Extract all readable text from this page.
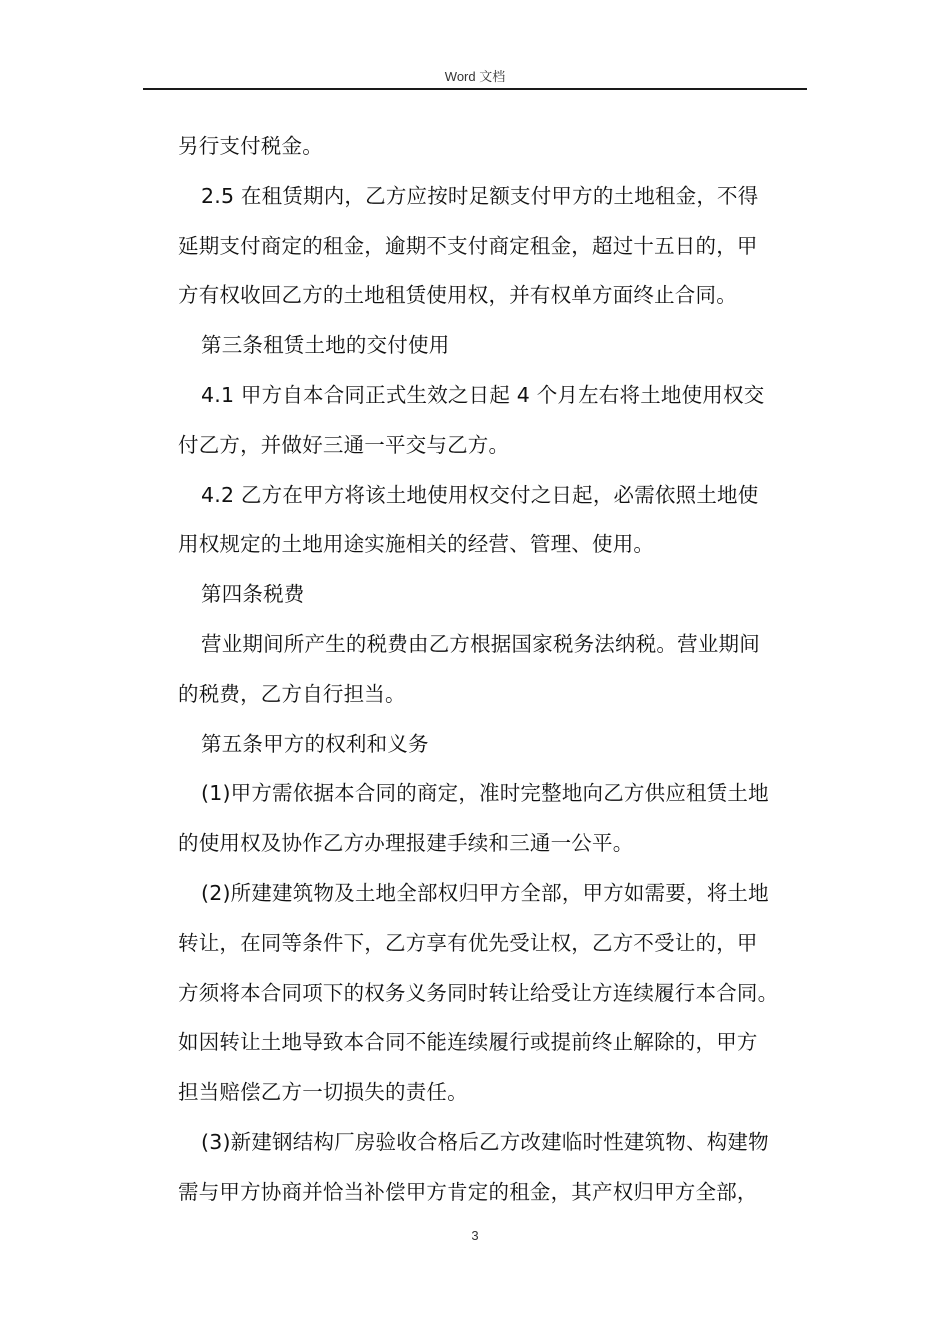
Word 文档
另行支付税金。
2.5 在租赁期内，乙方应按时足额支付甲方的土地租金，不得
延期支付商定的租金，逾期不支付商定租金，超过十五日的，甲
方有权收回乙方的土地租赁使用权，并有权单方面终止合同。
第三条租赁土地的交付使用
4.1 甲方自本合同正式生效之日起 4 个月左右将土地使用权交
付乙方，并做好三通一平交与乙方。
4.2 乙方在甲方将该土地使用权交付之日起，必需依照土地使
用权规定的土地用途实施相关的经营、管理、使用。
第四条税费
营业期间所产生的税费由乙方根据国家税务法纳税。营业期间
的税费，乙方自行担当。
第五条甲方的权利和义务
(1)甲方需依据本合同的商定，准时完整地向乙方供应租赁土地
的使用权及协作乙方办理报建手续和三通一公平。
(2)所建建筑物及土地全部权归甲方全部，甲方如需要，将土地
转让，在同等条件下，乙方享有优先受让权，乙方不受让的，甲
方须将本合同项下的权务义务同时转让给受让方连续履行本合同。
如因转让土地导致本合同不能连续履行或提前终止解除的，甲方
担当赔偿乙方一切损失的责任。
(3)新建钢结构厂房验收合格后乙方改建临时性建筑物、构建物
需与甲方协商并恰当补偿甲方肯定的租金，其产权归甲方全部，
3
